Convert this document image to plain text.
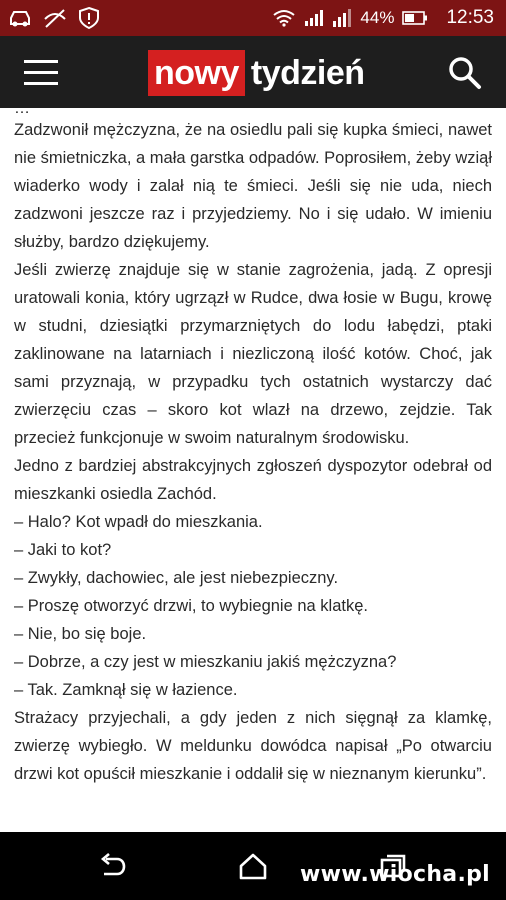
44%	12:53
nowy tydzień
…

Zadzwonił mężczyzna, że na osiedlu pali się kupka śmieci, nawet nie śmietniczka, a mała garstka odpadów. Poprosiłem, żeby wziął wiaderko wody i zalał nią te śmieci. Jeśli się nie uda, niech zadzwoni jeszcze raz i przyjedziemy. No i się udało. W imieniu służby, bardzo dziękujemy.

Jeśli zwierzę znajduje się w stanie zagrożenia, jadą. Z opresji uratowali konia, który ugrzązł w Rudce, dwa łosie w Bugu, krowę w studni, dziesiątki przymarzniętych do lodu łabędzi, ptaki zaklinowane na latarniach i niezliczoną ilość kotów. Choć, jak sami przyznają, w przypadku tych ostatnich wystarczy dać zwierzęciu czas – skoro kot wlazł na drzewo, zejdzie. Tak przecież funkcjonuje w swoim naturalnym środowisku.

Jedno z bardziej abstrakcyjnych zgłoszeń dyspozytor odebrał od mieszkanki osiedla Zachód.

– Halo? Kot wpadł do mieszkania.

– Jaki to kot?

– Zwykły, dachowiec, ale jest niebezpieczny.

– Proszę otworzyć drzwi, to wybiegnie na klatkę.

– Nie, bo się boje.

– Dobrze, a czy jest w mieszkaniu jakiś mężczyzna?

– Tak. Zamknął się w łazience.

Strażacy przyjechali, a gdy jeden z nich sięgnął za klamkę, zwierzę wybiegło. W meldunku dowódca napisał „Po otwarciu drzwi kot opuścił mieszkanie i oddalił się w nieznanym kierunku”.

www.wiocha.pl
